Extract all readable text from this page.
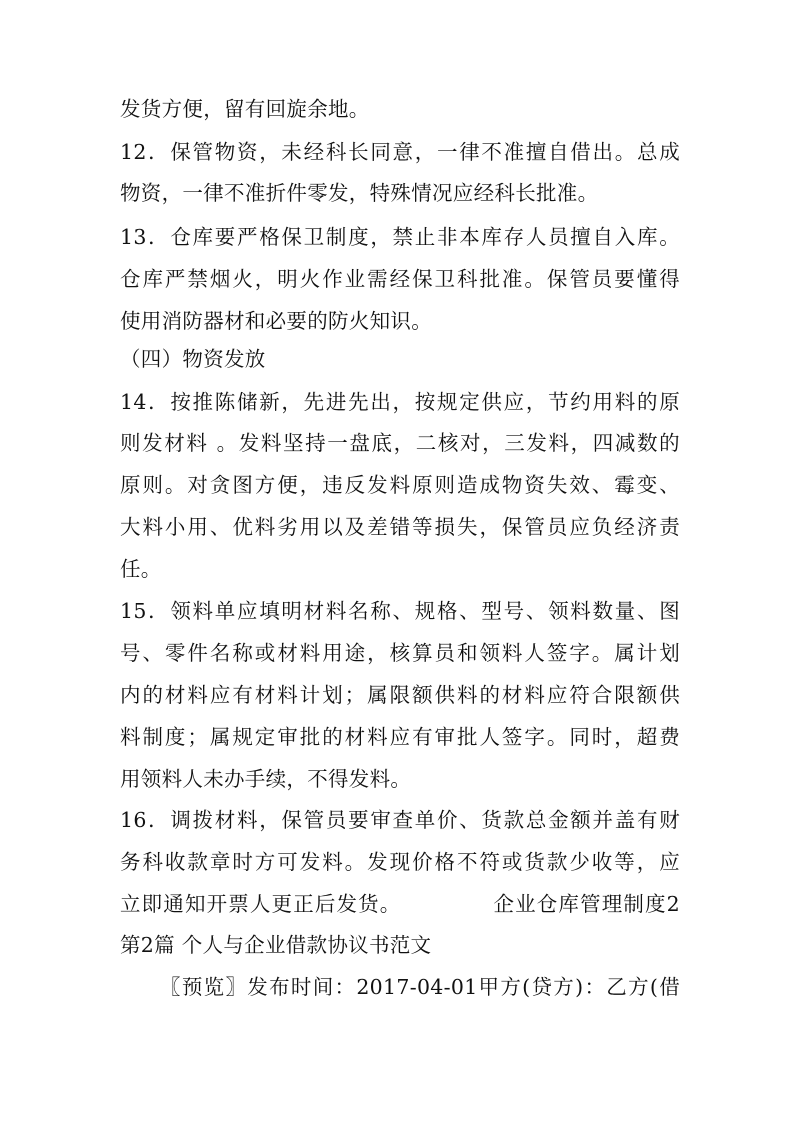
发货方便，留有回旋余地。
12．保管物资，未经科长同意，一律不准擅自借出。总成
物资，一律不准折件零发，特殊情况应经科长批准。
13．仓库要严格保卫制度，禁止非本库存人员擅自入库。
仓库严禁烟火，明火作业需经保卫科批准。保管员要懂得
使用消防器材和必要的防火知识。
（四）物资发放
14．按推陈储新，先进先出，按规定供应，节约用料的原
则发材料 。发料坚持一盘底，二核对，三发料，四减数的
原则。对贪图方便，违反发料原则造成物资失效、霉变、
大料小用、优料劣用以及差错等损失，保管员应负经济责
任。
15．领料单应填明材料名称、规格、型号、领料数量、图
号、零件名称或材料用途，核算员和领料人签字。属计划
内的材料应有材料计划；属限额供料的材料应符合限额供
料制度；属规定审批的材料应有审批人签字。同时，超费
用领料人未办手续，不得发料。
16．调拨材料，保管员要审查单价、货款总金额并盖有财
务科收款章时方可发料。发现价格不符或货款少收等，应
立即通知开票人更正后发货。            企业仓库管理制度2
第2篇 个人与企业借款协议书范文
〖预览〗发布时间：2017-04-01甲方(贷方)：乙方(借
